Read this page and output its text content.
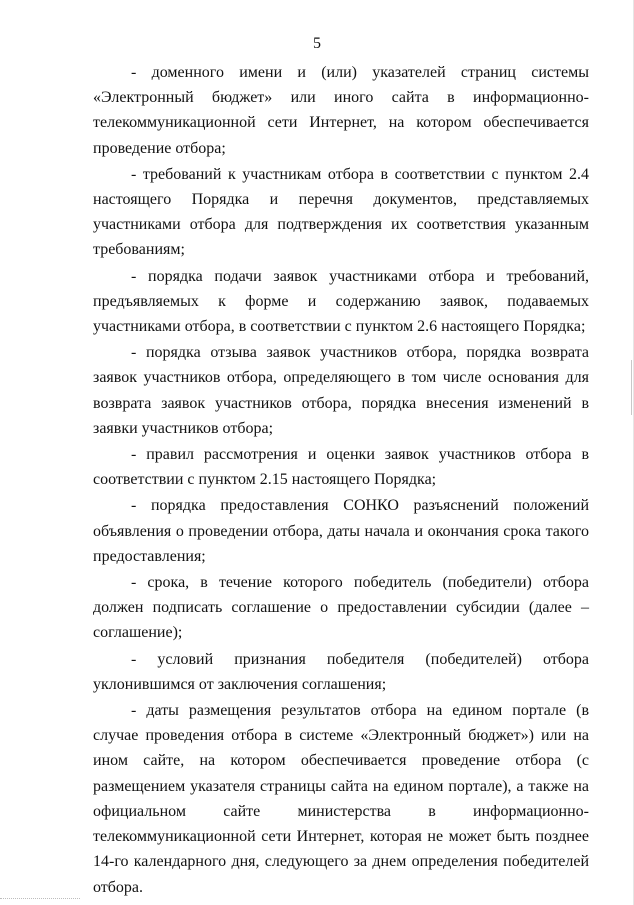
5

- доменного имени и (или) указателей страниц системы «Электронный бюджет» или иного сайта в информационно-телекоммуникационной сети Интернет, на котором обеспечивается проведение отбора;

- требований к участникам отбора в соответствии с пунктом 2.4 настоящего Порядка и перечня документов, представляемых участниками отбора для подтверждения их соответствия указанным требованиям;

- порядка подачи заявок участниками отбора и требований, предъявляемых к форме и содержанию заявок, подаваемых участниками отбора, в соответствии с пунктом 2.6 настоящего Порядка;

- порядка отзыва заявок участников отбора, порядка возврата заявок участников отбора, определяющего в том числе основания для возврата заявок участников отбора, порядка внесения изменений в заявки участников отбора;

- правил рассмотрения и оценки заявок участников отбора в соответствии с пунктом 2.15 настоящего Порядка;

- порядка предоставления СОНКО разъяснений положений объявления о проведении отбора, даты начала и окончания срока такого предоставления;

- срока, в течение которого победитель (победители) отбора должен подписать соглашение о предоставлении субсидии (далее – соглашение);

- условий признания победителя (победителей) отбора уклонившимся от заключения соглашения;

- даты размещения результатов отбора на едином портале (в случае проведения отбора в системе «Электронный бюджет») или на ином сайте, на котором обеспечивается проведение отбора (с размещением указателя страницы сайта на едином портале), а также на официальном сайте министерства в информационно-телекоммуникационной сети Интернет, которая не может быть позднее 14-го календарного дня, следующего за днем определения победителей отбора.
